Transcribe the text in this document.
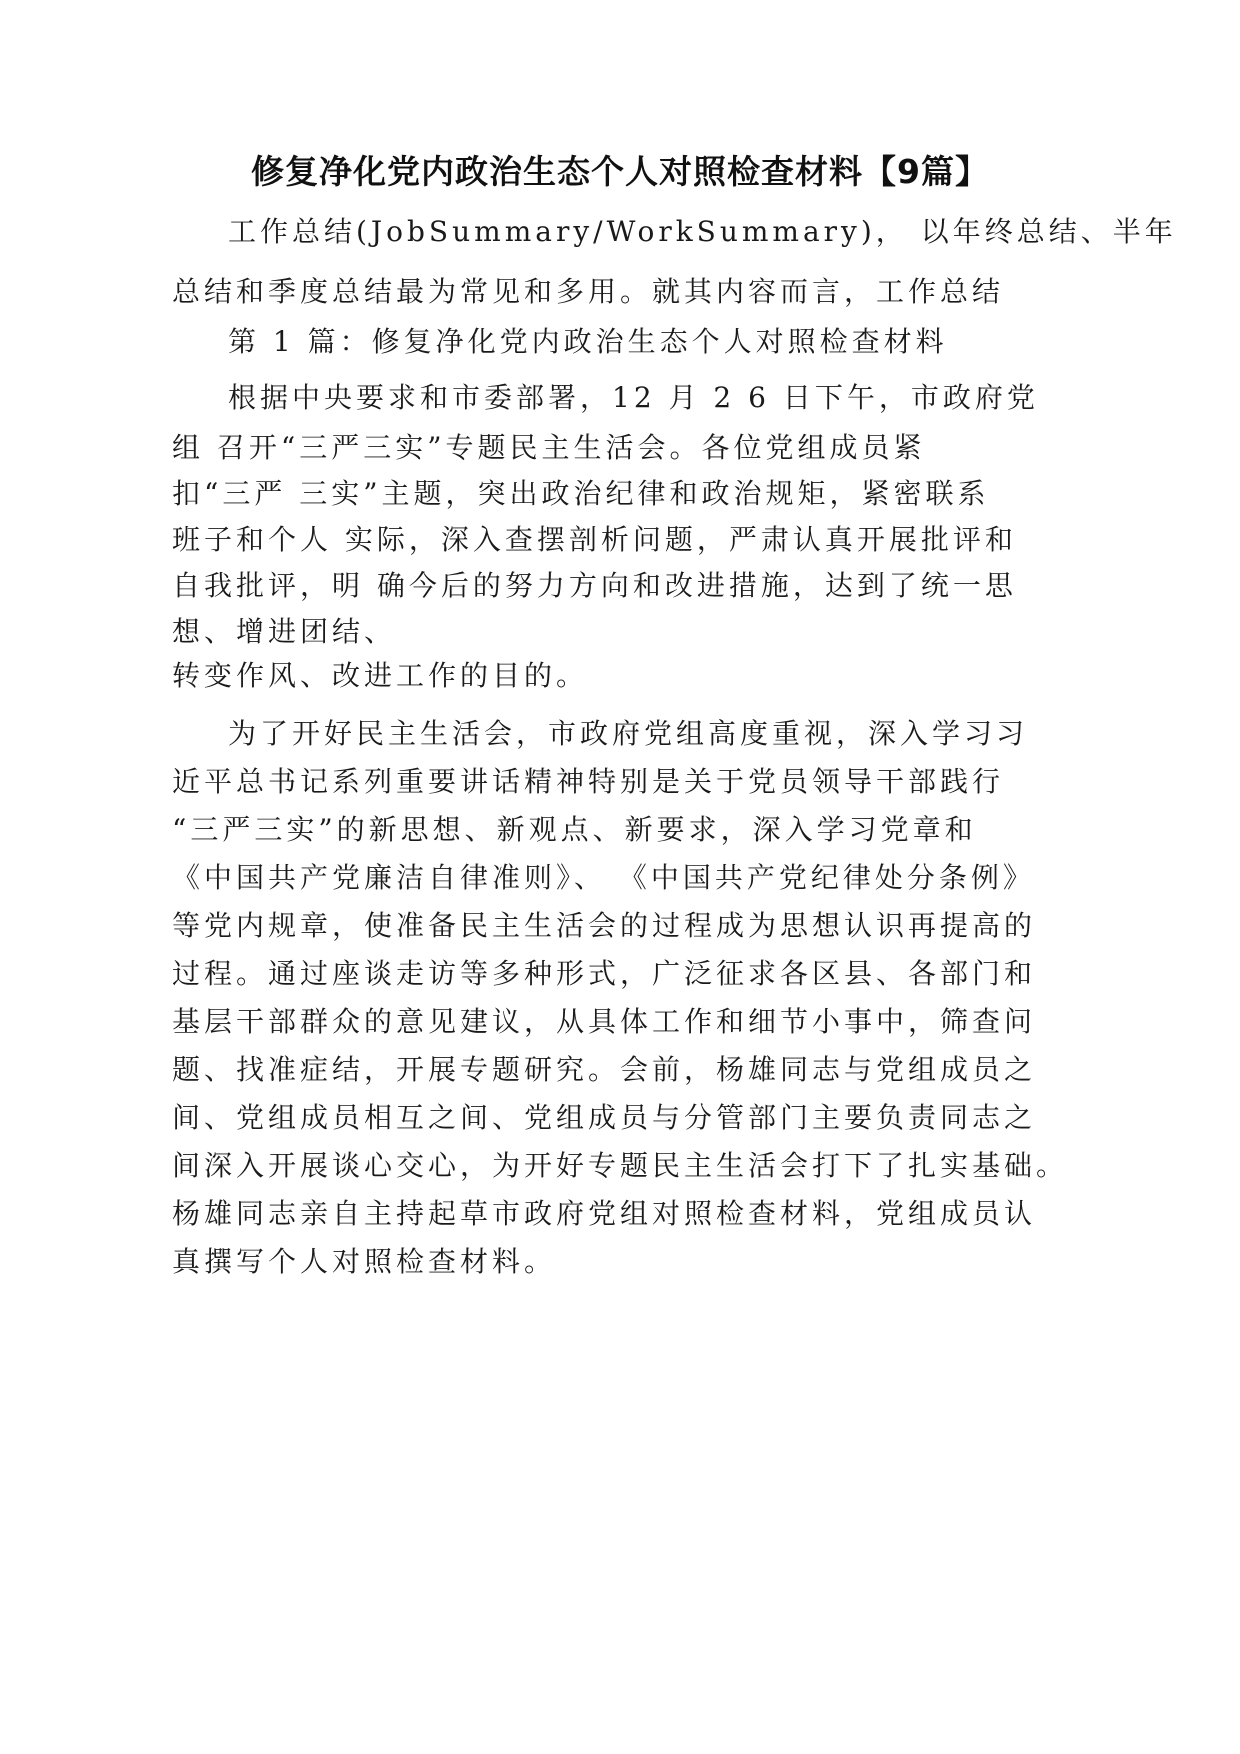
修复净化党内政治生态个人对照检查材料【9篇】
工作总结(JobSummary/WorkSummary)， 以年终总结、半年
总结和季度总结最为常见和多用。就其内容而言，工作总结
第 1 篇：修复净化党内政治生态个人对照检查材料
根据中央要求和市委部署，12 月 2 6 日下午，市政府党
组 召开“三严三实”专题民主生活会。各位党组成员紧
扣“三严 三实”主题，突出政治纪律和政治规矩，紧密联系
班子和个人 实际，深入查摆剖析问题，严肃认真开展批评和
自我批评，明 确今后的努力方向和改进措施，达到了统一思
想、增进团结、
转变作风、改进工作的目的。
为了开好民主生活会，市政府党组高度重视，深入学习习
近平总书记系列重要讲话精神特别是关于党员领导干部践行
“三严三实”的新思想、新观点、新要求，深入学习党章和
《中国共产党廉洁自律准则》、 《中国共产党纪律处分条例》
等党内规章，使准备民主生活会的过程成为思想认识再提高的
过程。通过座谈走访等多种形式，广泛征求各区县、各部门和
基层干部群众的意见建议，从具体工作和细节小事中，筛查问
题、找准症结，开展专题研究。会前，杨雄同志与党组成员之
间、党组成员相互之间、党组成员与分管部门主要负责同志之
间深入开展谈心交心，为开好专题民主生活会打下了扎实基础。
杨雄同志亲自主持起草市政府党组对照检查材料，党组成员认
真撰写个人对照检查材料。
